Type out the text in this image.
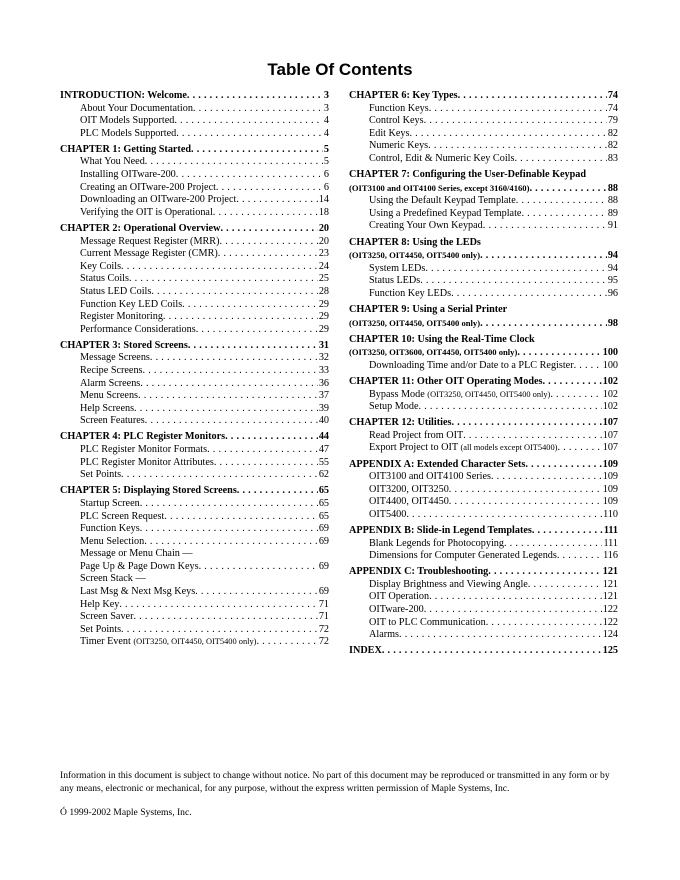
Table Of Contents
INTRODUCTION: Welcome . . .	3
About Your Documentation . . .	3
OIT Models Supported . . .	4
PLC Models Supported . . .	4
CHAPTER 1: Getting Started . . .	5
What You Need . . .	5
Installing OITware-200 . . .	6
Creating an OITware-200 Project . . .	6
Downloading an OITware-200 Project . . .	14
Verifying the OIT is Operational . . .	18
CHAPTER 2: Operational Overview . . .	20
Message Request Register (MRR) . . .	20
Current Message Register (CMR) . . .	23
Key Coils . . .	24
Status Coils . . .	25
Status LED Coils . . .	28
Function Key LED Coils . . .	29
Register Monitoring . . .	29
Performance Considerations . . .	29
CHAPTER 3: Stored Screens . . .	31
Message Screens . . .	32
Recipe Screens . . .	33
Alarm Screens . . .	36
Menu Screens . . .	37
Help Screens . . .	39
Screen Features . . .	40
CHAPTER 4: PLC Register Monitors . . .	44
PLC Register Monitor Formats . . .	47
PLC Register Monitor Attributes . . .	55
Set Points . . .	62
CHAPTER 5: Displaying Stored Screens . . .	65
Startup Screen . . .	65
PLC Screen Request . . .	65
Function Keys . . .	69
Menu Selection . . .	69
Message or Menu Chain —
Page Up & Page Down Keys . . .	69
Screen Stack —
Last Msg & Next Msg Keys . . .	69
Help Key . . .	71
Screen Saver . . .	71
Set Points . . .	72
Timer Event (OIT3250, OIT4450, OIT5400 only) . . .	72
CHAPTER 6: Key Types . . .	74
Function Keys . . .	74
Control Keys . . .	79
Edit Keys . . .	82
Numeric Keys . . .	82
Control, Edit & Numeric Key Coils . . .	83
CHAPTER 7: Configuring the User-Definable Keypad
(OIT3100 and OIT4100 Series, except 3160/4160) . . .	88
Using the Default Keypad Template . . .	88
Using a Predefined Keypad Template . . .	89
Creating Your Own Keypad . . .	91
CHAPTER 8: Using the LEDs
(OIT3250, OIT4450, OIT5400 only) . . .	94
System LEDs . . .	94
Status LEDs . . .	95
Function Key LEDs . . .	96
CHAPTER 9: Using a Serial Printer
(OIT3250, OIT4450, OIT5400 only) . . .	98
CHAPTER 10: Using the Real-Time Clock
(OIT3250, OIT3600, OIT4450, OIT5400 only) . . .	100
Downloading Time and/or Date to a PLC Register . . .	100
CHAPTER 11: Other OIT Operating Modes . . .	102
Bypass Mode (OIT3250, OIT4450, OIT5400 only) . . .	102
Setup Mode . . .	102
CHAPTER 12: Utilities . . .	107
Read Project from OIT . . .	107
Export Project to OIT (all models except OIT5400) . . .	107
APPENDIX A: Extended Character Sets . . .	109
OIT3100 and OIT4100 Series . . .	109
OIT3200, OIT3250 . . .	109
OIT4400, OIT4450 . . .	109
OIT5400 . . .	110
APPENDIX B: Slide-in Legend Templates . . .	111
Blank Legends for Photocopying . . .	111
Dimensions for Computer Generated Legends . . .	116
APPENDIX C: Troubleshooting . . .	121
Display Brightness and Viewing Angle . . .	121
OIT Operation . . .	121
OITware-200 . . .	122
OIT to PLC Communication . . .	122
Alarms . . .	124
INDEX . . .	125
Information in this document is subject to change without notice. No part of this document may be reproduced or transmitted in any form or by any means, electronic or mechanical, for any purpose, without the express written permission of Maple Systems, Inc.
Ó 1999-2002 Maple Systems, Inc.
